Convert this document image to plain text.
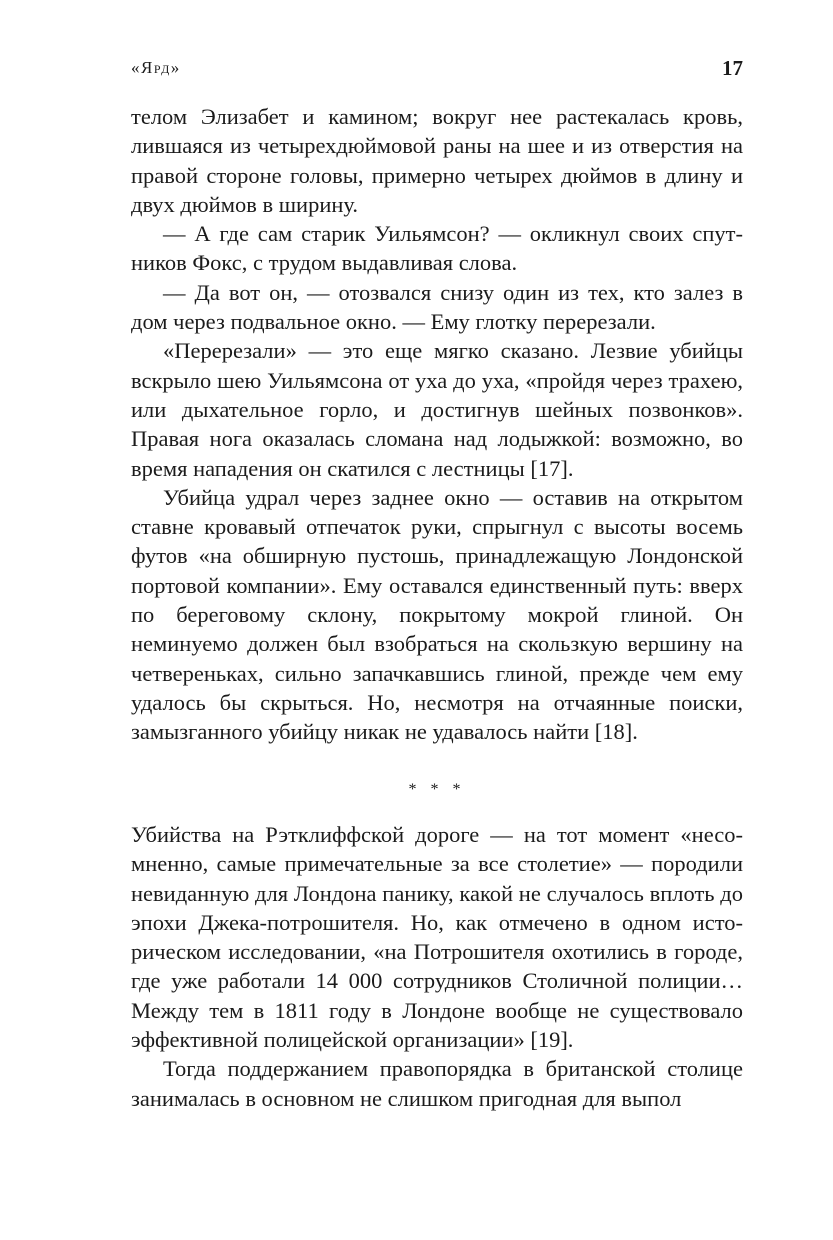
«Ярд»	17

телом Элизабет и камином; вокруг нее растекалась кровь, лившаяся из четырехдюймовой раны на шее и из отверстия на правой стороне головы, примерно четырех дюймов в длину и двух дюймов в ширину.

— А где сам старик Уильямсон? — окликнул своих спутников Фокс, с трудом выдавливая слова.

— Да вот он, — отозвался снизу один из тех, кто залез в дом через подвальное окно. — Ему глотку перерезали.

«Перерезали» — это еще мягко сказано. Лезвие убийцы вскрыло шею Уильямсона от уха до уха, «пройдя через трахею, или дыхательное горло, и достигнув шейных позвонков». Правая нога оказалась сломана над лодыжкой: возможно, во время нападения он скатился с лестницы [17].

Убийца удрал через заднее окно — оставив на открытом ставне кровавый отпечаток руки, спрыгнул с высоты восемь футов «на обширную пустошь, принадлежащую Лондонской портовой компании». Ему оставался единственный путь: вверх по береговому склону, покрытому мокрой глиной. Он неминуемо должен был взобраться на скользкую вершину на четвереньках, сильно запачкавшись глиной, прежде чем ему удалось бы скрыться. Но, несмотря на отчаянные поиски, замызганного убийцу никак не удавалось найти [18].

* * *

Убийства на Рэтклиффской дороге — на тот момент «несомненно, самые примечательные за все столетие» — породили невиданную для Лондона панику, какой не случалось вплоть до эпохи Джека-потрошителя. Но, как отмечено в одном историческом исследовании, «на Потрошителя охотились в городе, где уже работали 14 000 сотрудников Столичной полиции… Между тем в 1811 году в Лондоне вообще не существовало эффективной полицейской организации» [19].

Тогда поддержанием правопорядка в британской столице занималась в основном не слишком пригодная для выпол
